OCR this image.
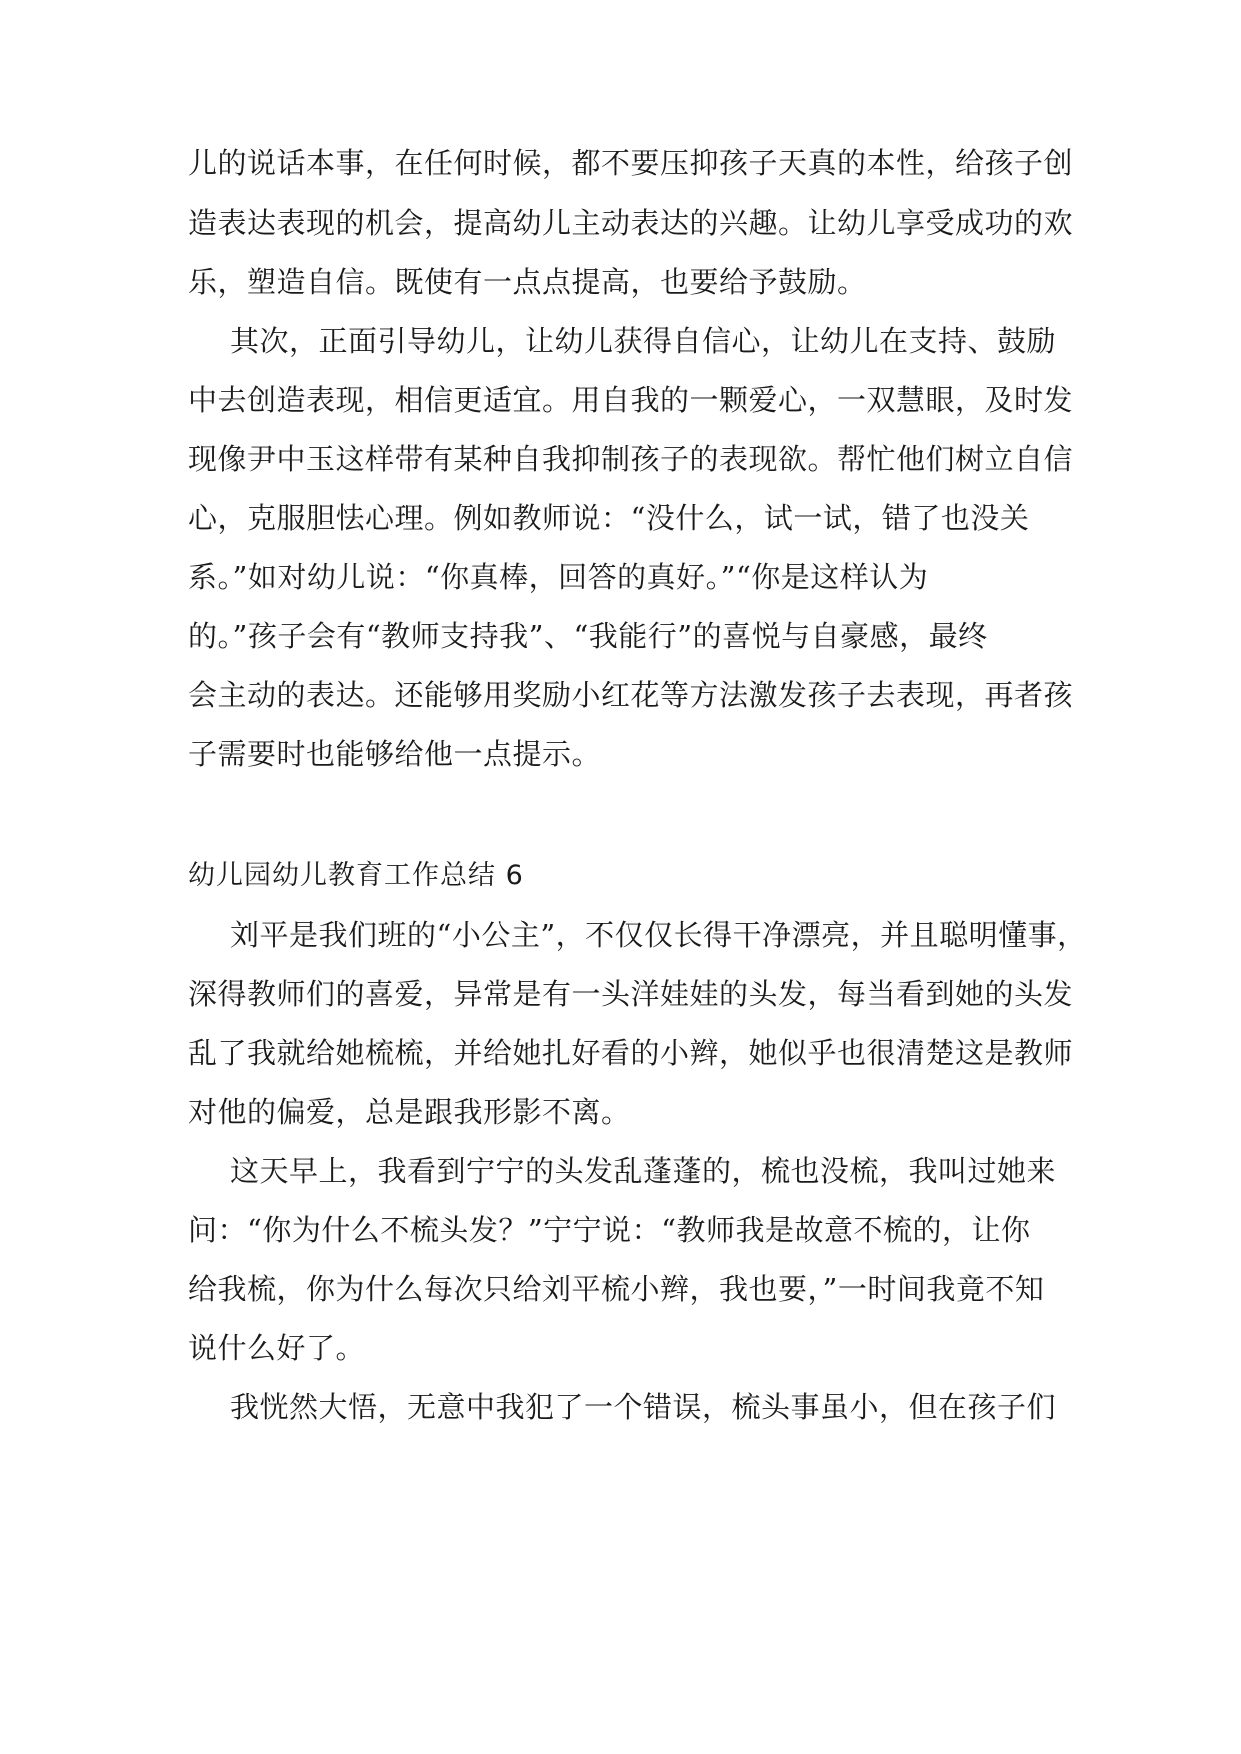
儿的说话本事，在任何时候，都不要压抑孩子天真的本性，给孩子创
造表达表现的机会，提高幼儿主动表达的兴趣。让幼儿享受成功的欢
乐，塑造自信。既使有一点点提高，也要给予鼓励。
其次，正面引导幼儿，让幼儿获得自信心，让幼儿在支持、鼓励
中去创造表现，相信更适宜。用自我的一颗爱心，一双慧眼，及时发
现像尹中玉这样带有某种自我抑制孩子的表现欲。帮忙他们树立自信
心，克服胆怯心理。例如教师说：“没什么，试一试，错了也没关
系。”如对幼儿说：“你真棒，回答的真好。”“你是这样认为
的。”孩子会有“教师支持我”、“我能行”的喜悦与自豪感，最终
会主动的表达。还能够用奖励小红花等方法激发孩子去表现，再者孩
子需要时也能够给他一点提示。
幼儿园幼儿教育工作总结 6
刘平是我们班的“小公主”，不仅仅长得干净漂亮，并且聪明懂事，
深得教师们的喜爱，异常是有一头洋娃娃的头发，每当看到她的头发
乱了我就给她梳梳，并给她扎好看的小辫，她似乎也很清楚这是教师
对他的偏爱，总是跟我形影不离。
这天早上，我看到宁宁的头发乱蓬蓬的，梳也没梳，我叫过她来
问：“你为什么不梳头发？”宁宁说：“教师我是故意不梳的，让你
给我梳，你为什么每次只给刘平梳小辫，我也要，”一时间我竟不知
说什么好了。
我恍然大悟，无意中我犯了一个错误，梳头事虽小，但在孩子们
